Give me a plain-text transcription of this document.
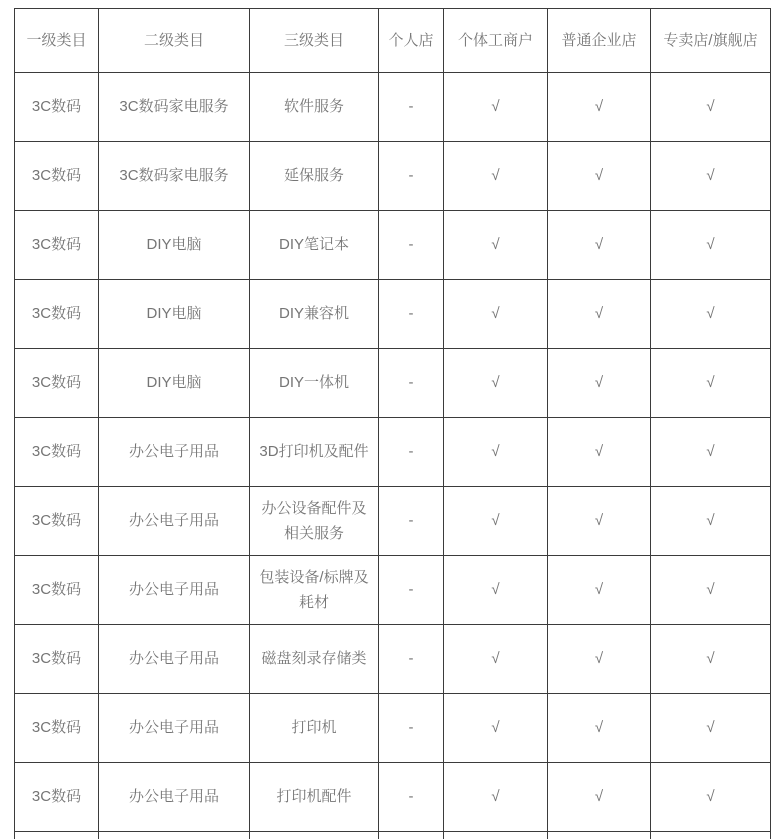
一级类目	二级类目	三级类目	个人店	个体工商户	普通企业店	专卖店/旗舰店
3C数码	3C数码家电服务	软件服务	-	√	√	√
3C数码	3C数码家电服务	延保服务	-	√	√	√
3C数码	DIY电脑	DIY笔记本	-	√	√	√
3C数码	DIY电脑	DIY兼容机	-	√	√	√
3C数码	DIY电脑	DIY一体机	-	√	√	√
3C数码	办公电子用品	3D打印机及配件	-	√	√	√
3C数码	办公电子用品	办公设备配件及相关服务	-	√	√	√
3C数码	办公电子用品	包装设备/标牌及耗材	-	√	√	√
3C数码	办公电子用品	磁盘刻录存储类	-	√	√	√
3C数码	办公电子用品	打印机	-	√	√	√
3C数码	办公电子用品	打印机配件	-	√	√	√
